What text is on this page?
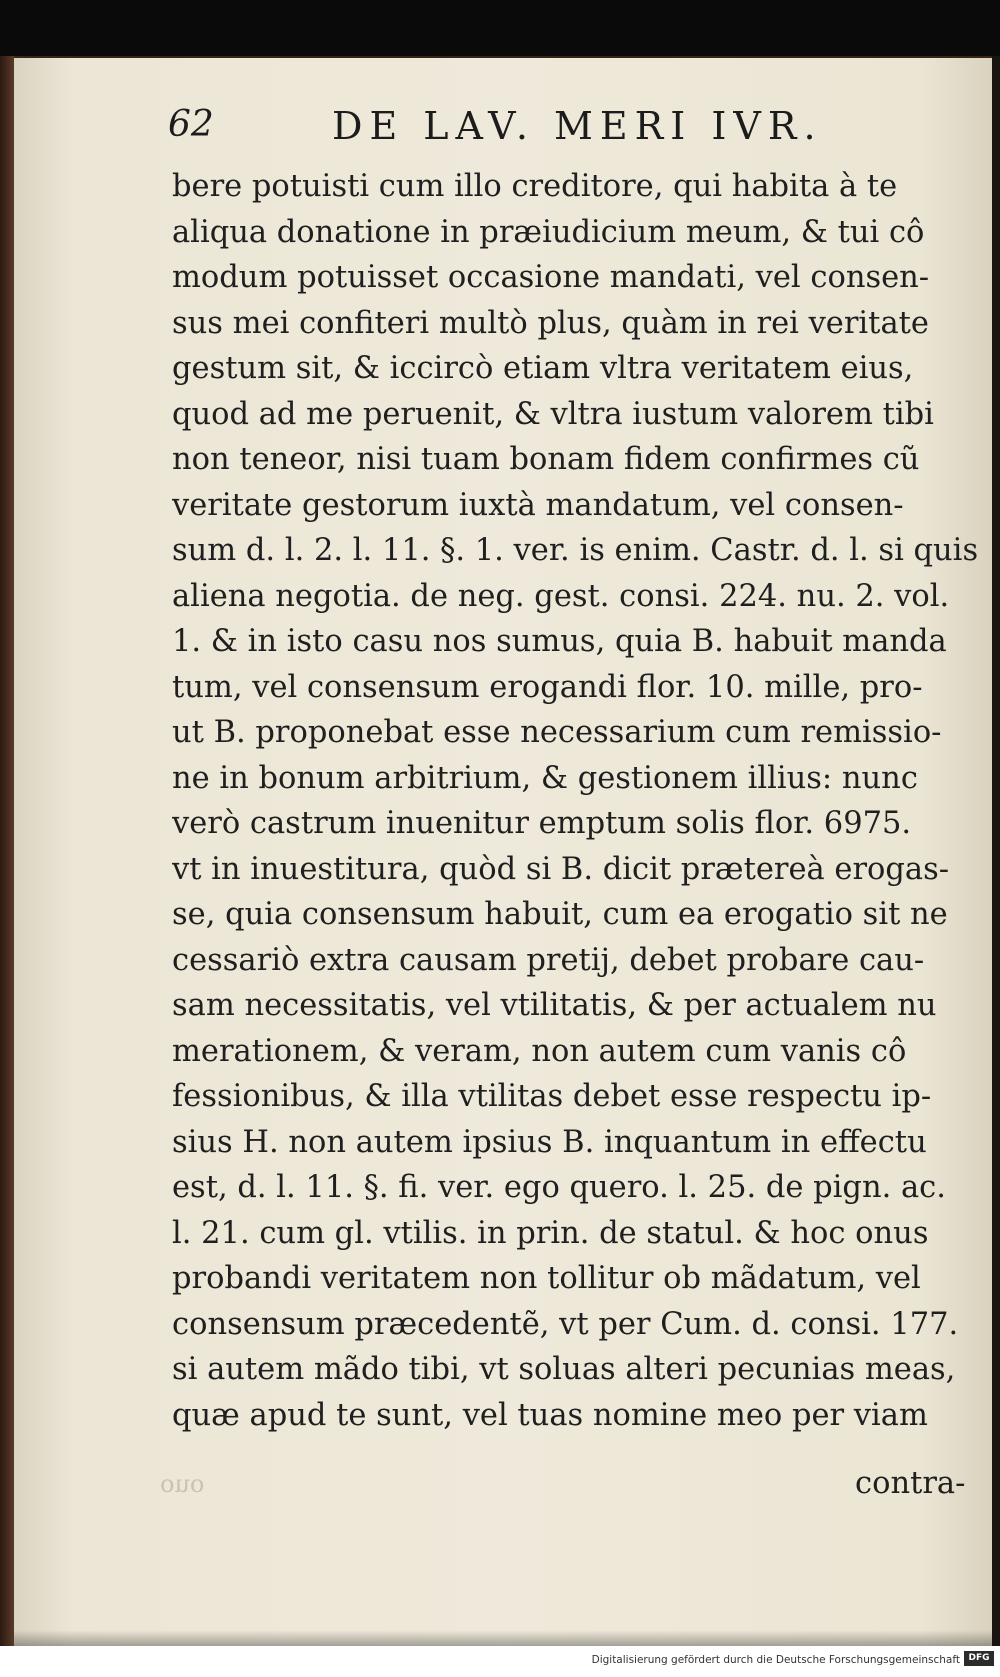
62	DE LAV. MERI IVR.
bere potuisti cum illo creditore, qui habita à te
aliqua donatione in præiudicium meum, & tui cô
modum potuisset occasione mandati, vel consen-
sus mei confiteri multò plus, quàm in rei veritate
gestum sit, & iccircò etiam vltra veritatem eius,
quod ad me peruenit, & vltra iustum valorem tibi
non teneor, nisi tuam bonam fidem confirmes cũ
veritate gestorum iuxtà mandatum, vel consen-
sum d. l. 2. l. 11. §. 1. ver. is enim. Castr. d. l. si quis
aliena negotia. de neg. gest. consi. 224. nu. 2. vol.
1. & in isto casu nos sumus, quia B. habuit manda
tum, vel consensum erogandi flor. 10. mille, pro-
ut B. proponebat esse necessarium cum remissio-
ne in bonum arbitrium, & gestionem illius: nunc
verò castrum inuenitur emptum solis flor. 6975.
vt in inuestitura, quòd si B. dicit prætereà erogas-
se, quia consensum habuit, cum ea erogatio sit ne
cessariò extra causam pretij, debet probare cau-
sam necessitatis, vel vtilitatis, & per actualem nu
merationem, & veram, non autem cum vanis cô
fessionibus, & illa vtilitas debet esse respectu ip-
sius H. non autem ipsius B. inquantum in effectu
est, d. l. 11. §. fi. ver. ego quero. l. 25. de pign. ac.
l. 21. cum gl. vtilis. in prin. de statul. & hoc onus
probandi veritatem non tollitur ob mãdatum, vel
consensum præcedentẽ, vt per Cum. d. consi. 177.
si autem mãdo tibi, vt soluas alteri pecunias meas,
quæ apud te sunt, vel tuas nomine meo per viam
ouo	contra-
Digitalisierung gefördert durch die Deutsche Forschungsgemeinschaft DFG
